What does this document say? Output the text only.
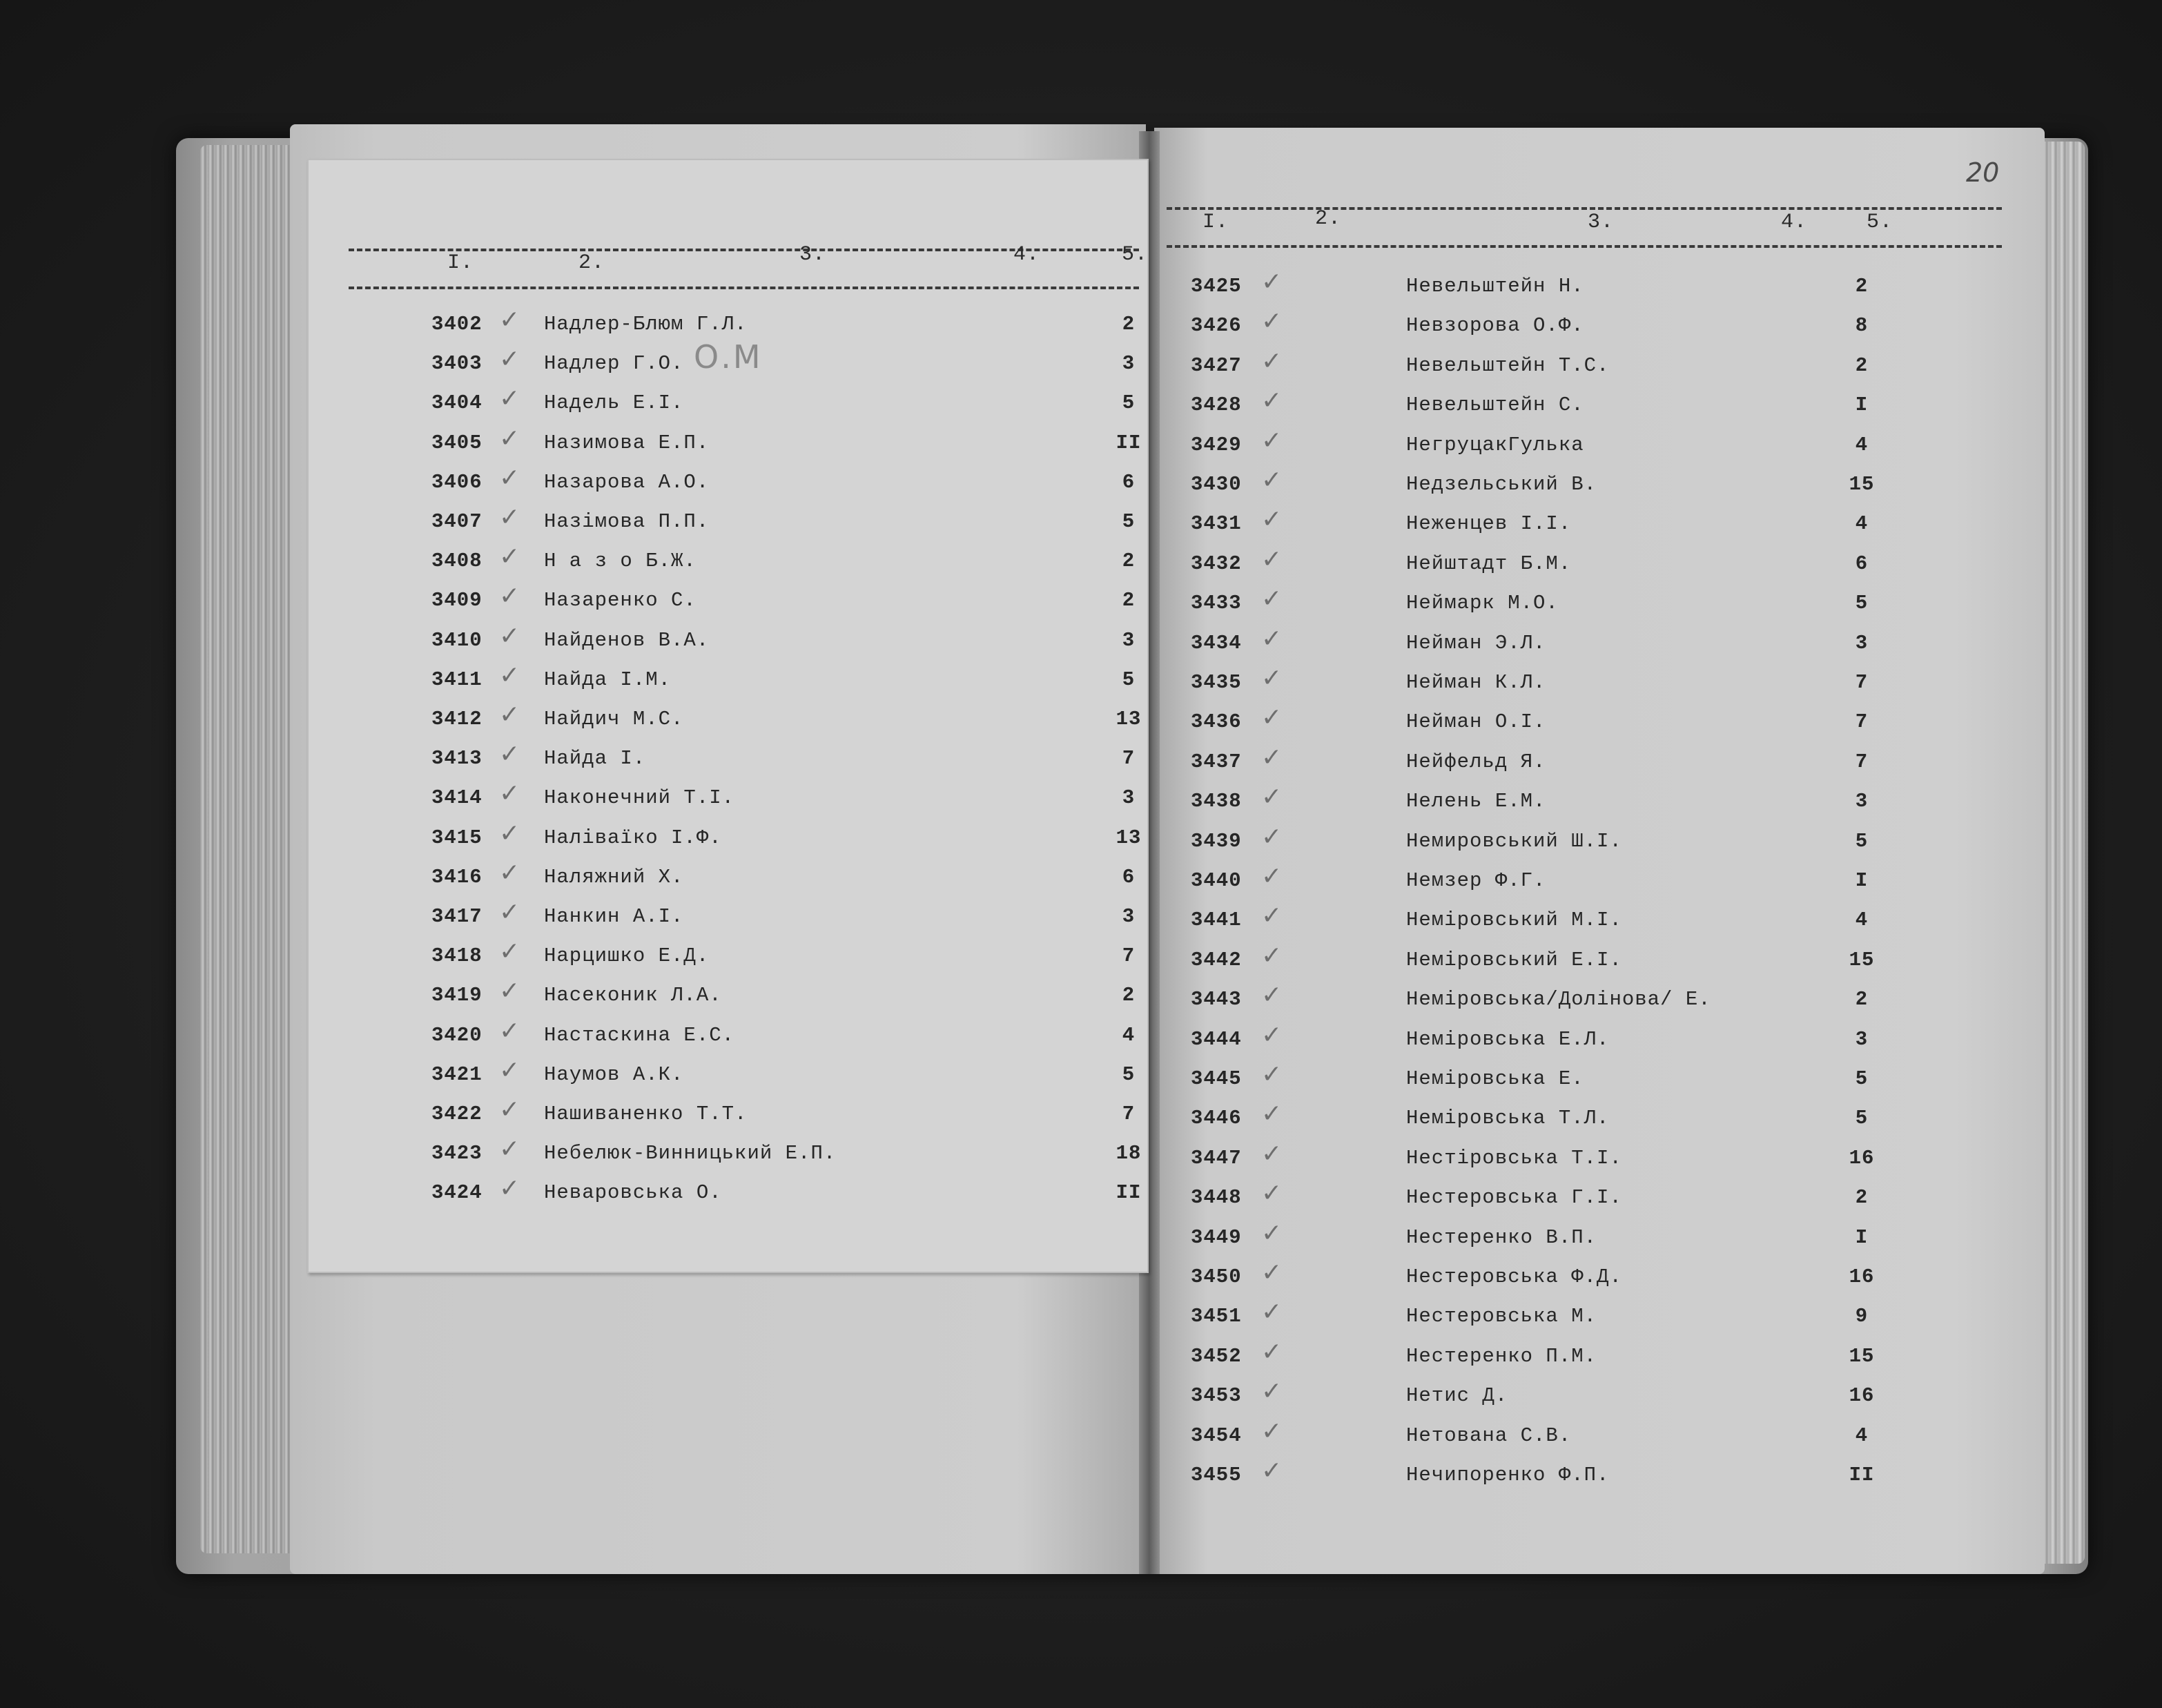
I.	2.	3.	4.	5.
О.М
3402 ✓ Надлер-Блюм Г.Л.	2
3403 ✓ Надлер Г.О.	3
3404 ✓ Надель Е.І.	5
3405 ✓ Назимова Е.П.	II
3406 ✓ Назарова А.О.	6
3407 ✓ Назімова П.П.	5
3408 ✓ Н а з о Б.Ж.	2
3409 ✓ Назаренко С.	2
3410 ✓ Найденов В.А.	3
3411 ✓ Найда І.М.	5
3412 ✓ Найдич М.С.	13
3413 ✓ Найда І.	7
3414 ✓ Наконечний Т.І.	3
3415 ✓ Наліваїко І.Ф.	13
3416 ✓ Наляжний Х.	6
3417 ✓ Нанкин А.І.	3
3418 ✓ Нарцишко Е.Д.	7
3419 ✓ Насеконик Л.А.	2
3420 ✓ Настаскина Е.С.	4
3421 ✓ Наумов А.К.	5
3422 ✓ Нашиваненко Т.Т.	7
3423 ✓ Небелюк-Винницький Е.П.	18
3424 ✓ Неваровська О.	II
I.	2.	3.	4.	5.
20
3425 ✓	Невельштейн Н.	2
3426 ✓	Невзорова О.Ф.	8
3427 ✓	Невельштейн Т.С.	2
3428 ✓	Невельштейн С.	I
3429 ✓	НегруцакГулька	4
3430 ✓	Недзельський В.	15
3431 ✓	Неженцев І.І.	4
3432 ✓	Нейштадт Б.М.	6
3433 ✓	Неймарк М.О.	5
3434 ✓	Нейман Э.Л.	3
3435 ✓	Нейман К.Л.	7
3436 ✓	Нейман О.І.	7
3437 ✓	Нейфельд Я.	7
3438 ✓	Нелень Е.М.	3
3439 ✓	Немировський Ш.І.	5
3440 ✓	Немзер Ф.Г.	I
3441 ✓	Неміровський М.І.	4
3442 ✓	Неміровський Е.І.	15
3443 ✓	Неміровська/Долінова/ Е.	2
3444 ✓	Неміровська Е.Л.	3
3445 ✓	Неміровська Е.	5
3446 ✓	Неміровська Т.Л.	5
3447 ✓	Нестіровська Т.І.	16
3448 ✓	Нестеровська Г.І.	2
3449 ✓	Нестеренко В.П.	I
3450 ✓	Нестеровська Ф.Д.	16
3451 ✓	Нестеровська М.	9
3452 ✓	Нестеренко П.М.	15
3453 ✓	Нетис Д.	16
3454 ✓	Нетована С.В.	4
3455 ✓	Нечипоренко Ф.П.	II
